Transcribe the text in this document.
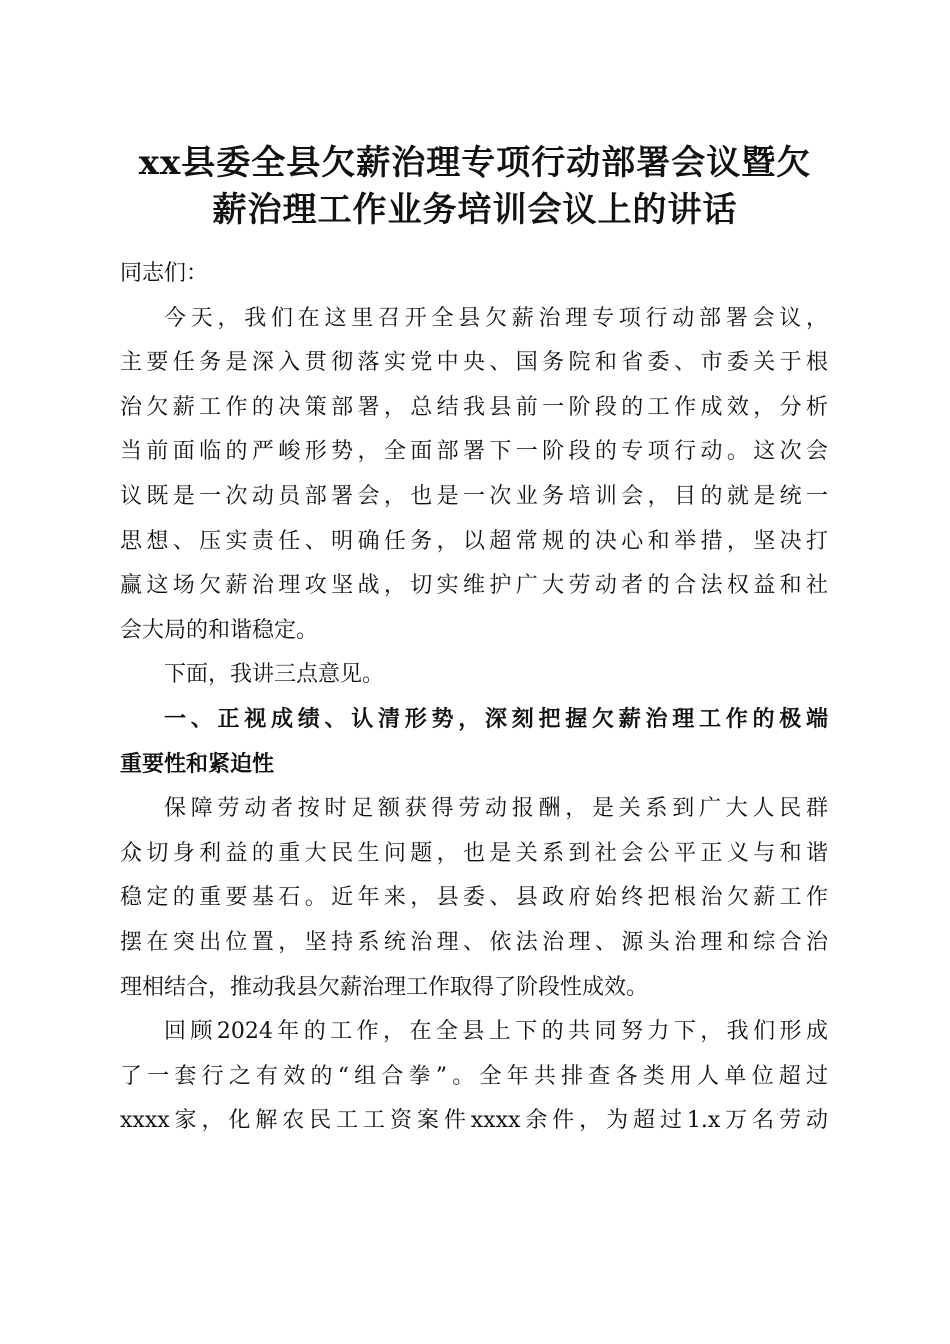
xx县委全县欠薪治理专项行动部署会议暨欠
薪治理工作业务培训会议上的讲话
同志们：
今天，我们在这里召开全县欠薪治理专项行动部署会议，
主要任务是深入贯彻落实党中央、国务院和省委、市委关于根
治欠薪工作的决策部署，总结我县前一阶段的工作成效，分析
当前面临的严峻形势，全面部署下一阶段的专项行动。这次会
议既是一次动员部署会，也是一次业务培训会，目的就是统一
思想、压实责任、明确任务，以超常规的决心和举措，坚决打
赢这场欠薪治理攻坚战，切实维护广大劳动者的合法权益和社
会大局的和谐稳定。
下面，我讲三点意见。
一、正视成绩、认清形势，深刻把握欠薪治理工作的极端
重要性和紧迫性
保障劳动者按时足额获得劳动报酬，是关系到广大人民群
众切身利益的重大民生问题，也是关系到社会公平正义与和谐
稳定的重要基石。近年来，县委、县政府始终把根治欠薪工作
摆在突出位置，坚持系统治理、依法治理、源头治理和综合治
理相结合，推动我县欠薪治理工作取得了阶段性成效。
回顾2024年的工作，在全县上下的共同努力下，我们形成
了一套行之有效的“组合拳”。全年共排查各类用人单位超过
xxxx家，化解农民工工资案件xxxx余件，为超过1.x万名劳动
